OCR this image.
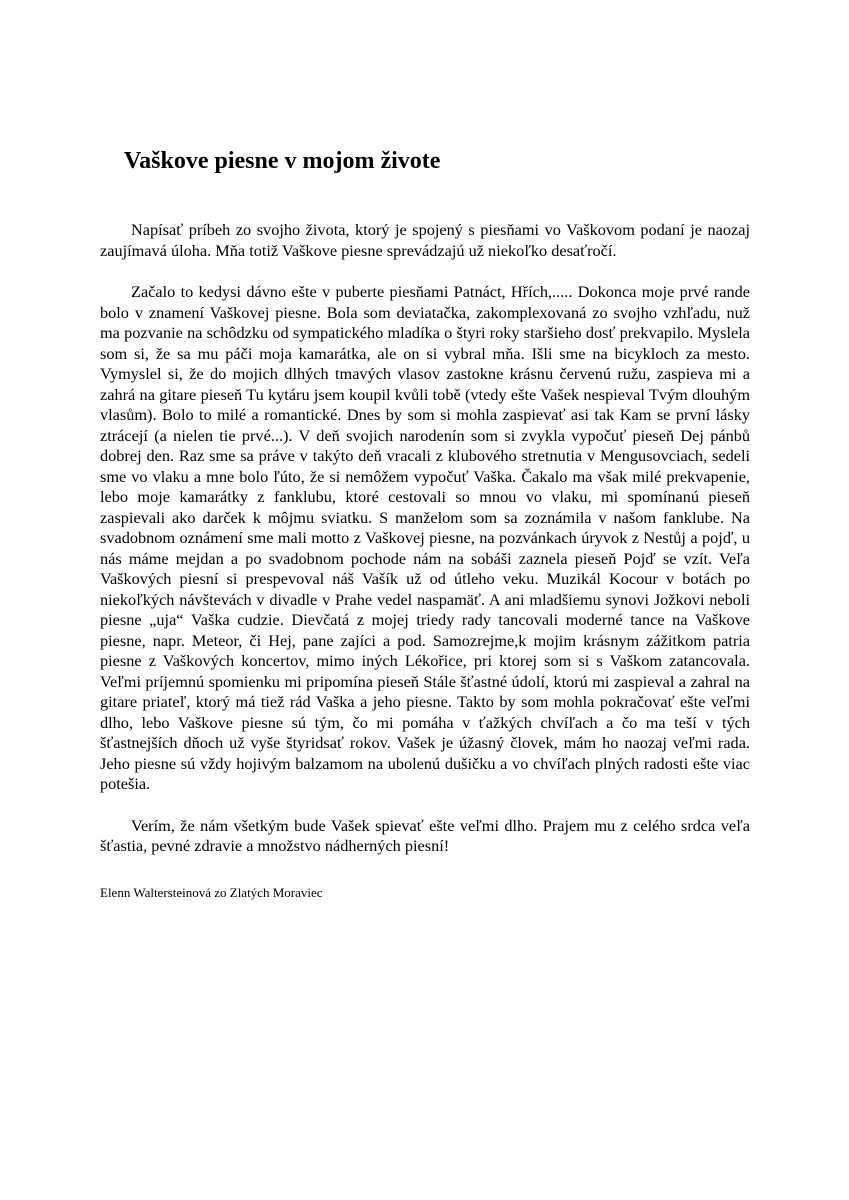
Vaškove piesne v mojom živote

Napísať príbeh zo svojho života, ktorý je spojený s piesňami vo Vaškovom podaní je naozaj zaujímavá úloha. Mňa totiž Vaškove piesne sprevádzajú už niekoľko desaťročí.

Začalo to kedysi dávno ešte v puberte piesňami Patnáct, Hřích,..... Dokonca moje prvé rande bolo v znamení Vaškovej piesne. Bola som deviatačka, zakomplexovaná zo svojho vzhľadu, nuž ma pozvanie na schôdzku od sympatického mladíka o štyri roky staršieho dosť prekvapilo. Myslela som si, že sa mu páči moja kamarátka, ale on si vybral mňa. Išli sme na bicykloch za mesto. Vymyslel si, že do mojich dlhých tmavých vlasov zastokne krásnu červenú ružu, zaspieva mi a zahrá na gitare pieseň Tu kytáru jsem koupil kvůli tobě (vtedy ešte Vašek nespieval Tvým dlouhým vlasům). Bolo to milé a romantické. Dnes by som si mohla zaspievať asi tak Kam se první lásky ztrácejí (a nielen tie prvé...). V deň svojich narodenín som si zvykla vypočuť pieseň Dej pánbů dobrej den. Raz sme sa práve v takýto deň vracali z klubového stretnutia v Mengusovciach, sedeli sme vo vlaku a mne bolo ľúto, že si nemôžem vypočuť Vaška. Čakalo ma však milé prekvapenie, lebo moje kamarátky z fanklubu, ktoré cestovali so mnou vo vlaku, mi spomínanú pieseň zaspievali ako darček k môjmu sviatku. S manželom som sa zoznámila v našom fanklube. Na svadobnom oznámení sme mali motto z Vaškovej piesne, na pozvánkach úryvok z Nestůj a pojď, u nás máme mejdan a po svadobnom pochode nám na sobáši zaznela pieseň Pojď se vzít. Veľa Vaškových piesní si prespevoval náš Vašík už od útleho veku. Muzikál Kocour v botách po niekoľkých návštevách v divadle v Prahe vedel naspamäť. A ani mladšiemu synovi Jožkovi neboli piesne „uja“ Vaška cudzie. Dievčatá z mojej triedy rady tancovali moderné tance na Vaškove piesne, napr. Meteor, či Hej, pane zajíci a pod. Samozrejme,k mojim krásnym zážitkom patria piesne z Vaškových koncertov, mimo iných Lékořice, pri ktorej som si s Vaškom zatancovala. Veľmi príjemnú spomienku mi pripomína pieseň Stále šťastné údolí, ktorú mi zaspieval a zahral na gitare priateľ, ktorý má tiež rád Vaška a jeho piesne. Takto by som mohla pokračovať ešte veľmi dlho, lebo Vaškove piesne sú tým, čo mi pomáha v ťažkých chvíľach a čo ma teší v tých šťastnejších dňoch už vyše štyridsať rokov. Vašek je úžasný človek, mám ho naozaj veľmi rada. Jeho piesne sú vždy hojivým balzamom na ubolenú dušičku a vo chvíľach plných radosti ešte viac potešia.

Verím, že nám všetkým bude Vašek spievať ešte veľmi dlho. Prajem mu z celého srdca veľa šťastia, pevné zdravie a množstvo nádherných piesní!

Elenn Waltersteinová zo Zlatých Moraviec
